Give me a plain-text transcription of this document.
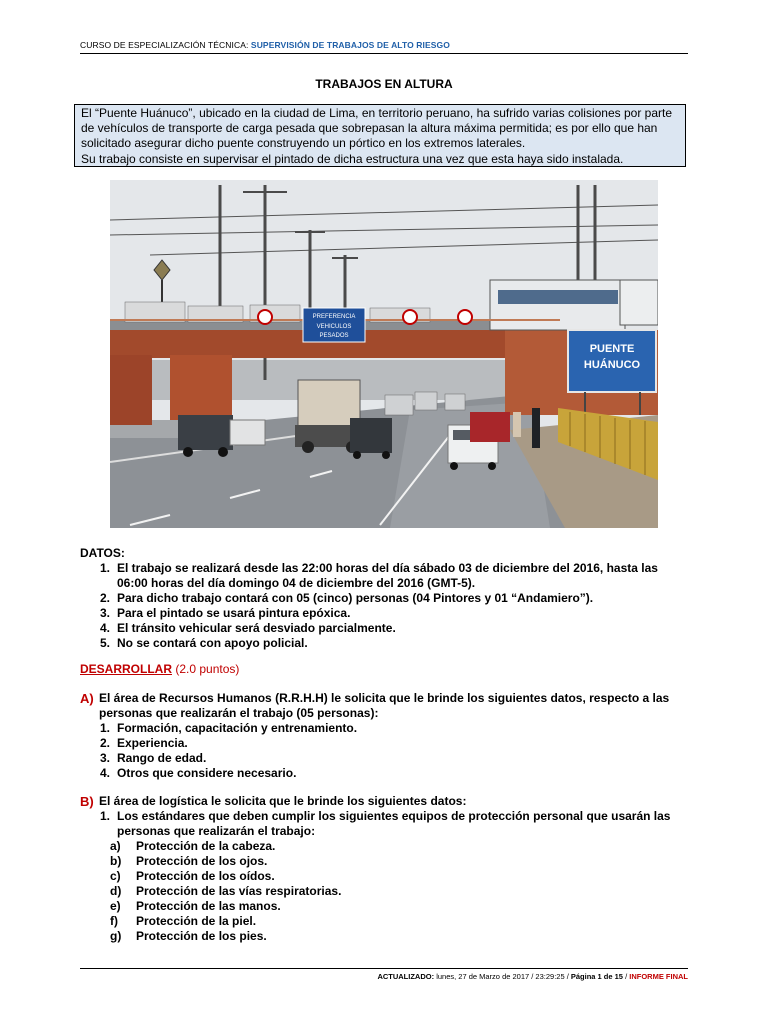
CURSO DE ESPECIALIZACIÓN TÉCNICA: SUPERVISIÓN DE TRABAJOS DE ALTO RIESGO
TRABAJOS EN ALTURA

El “Puente Huánuco”, ubicado en la ciudad de Lima, en territorio peruano, ha sufrido varias colisiones por parte de vehículos de transporte de carga pesada que sobrepasan la altura máxima permitida; es por ello que han solicitado asegurar dicho puente construyendo un pórtico en los extremos laterales.

Su trabajo consiste en supervisar el pintado de dicha estructura una vez que esta haya sido instalada.

PREFERENCIA
VEHICULOS
PESADOS
PUENTE
HUÁNUCO
DATOS:
1. El trabajo se realizará desde las 22:00 horas del día sábado 03 de diciembre del 2016, hasta las 06:00 horas del día domingo 04 de diciembre del 2016 (GMT-5).
2. Para dicho trabajo contará con 05 (cinco) personas (04 Pintores y 01 “Andamiero”).
3. Para el pintado se usará pintura epóxica.
4. El tránsito vehicular será desviado parcialmente.
5. No se contará con apoyo policial.
DESARROLLAR (2.0 puntos)
A) El área de Recursos Humanos (R.R.H.H) le solicita que le brinde los siguientes datos, respecto a las personas que realizarán el trabajo (05 personas):
1. Formación, capacitación y entrenamiento.
2. Experiencia.
3. Rango de edad.
4. Otros que considere necesario.
B) El área de logística le solicita que le brinde los siguientes datos:
1. Los estándares que deben cumplir los siguientes equipos de protección personal que usarán las personas que realizarán el trabajo:
a)	Protección de la cabeza.
b)	Protección de los ojos.
c)	Protección de los oídos.
d)	Protección de las vías respiratorias.
e)	Protección de las manos.
f)	Protección de la piel.
g)	Protección de los pies.
ACTUALIZADO: lunes, 27 de Marzo de 2017 / 23:29:25 / Página 1 de 15 / INFORME FINAL
